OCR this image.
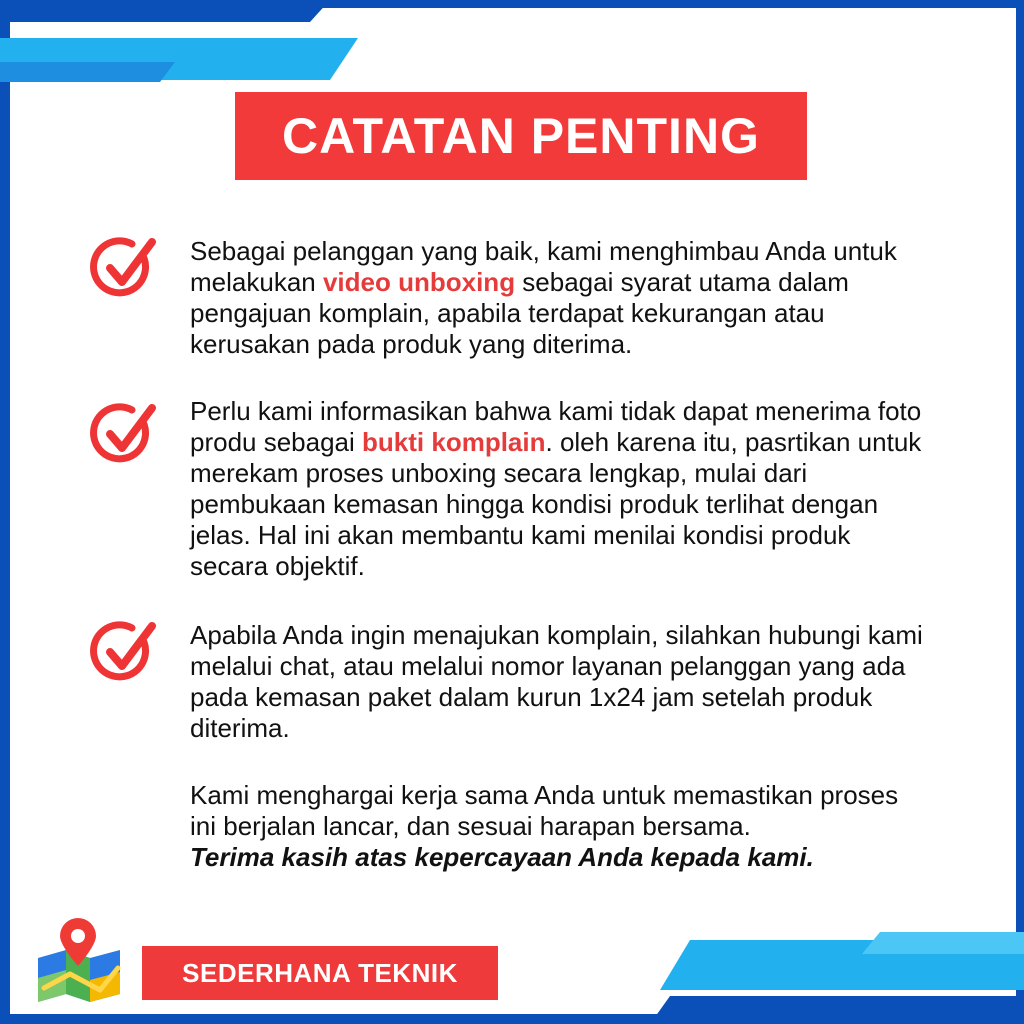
CATATAN PENTING

Sebagai pelanggan yang baik, kami menghimbau Anda untuk melakukan video unboxing sebagai syarat utama dalam pengajuan komplain, apabila terdapat kekurangan atau kerusakan pada produk yang diterima.

Perlu kami informasikan bahwa kami tidak dapat menerima foto produ sebagai bukti komplain. oleh karena itu, pasrtikan untuk merekam proses unboxing secara lengkap, mulai dari pembukaan kemasan hingga kondisi produk terlihat dengan jelas. Hal ini akan membantu kami menilai kondisi produk secara objektif.

Apabila Anda ingin menajukan komplain, silahkan hubungi kami melalui chat, atau melalui nomor layanan pelanggan yang ada pada kemasan paket dalam kurun 1x24 jam setelah produk diterima.

Kami menghargai kerja sama Anda untuk memastikan proses ini berjalan lancar, dan sesuai harapan bersama.
Terima kasih atas kepercayaan Anda kepada kami.
SEDERHANA TEKNIK
